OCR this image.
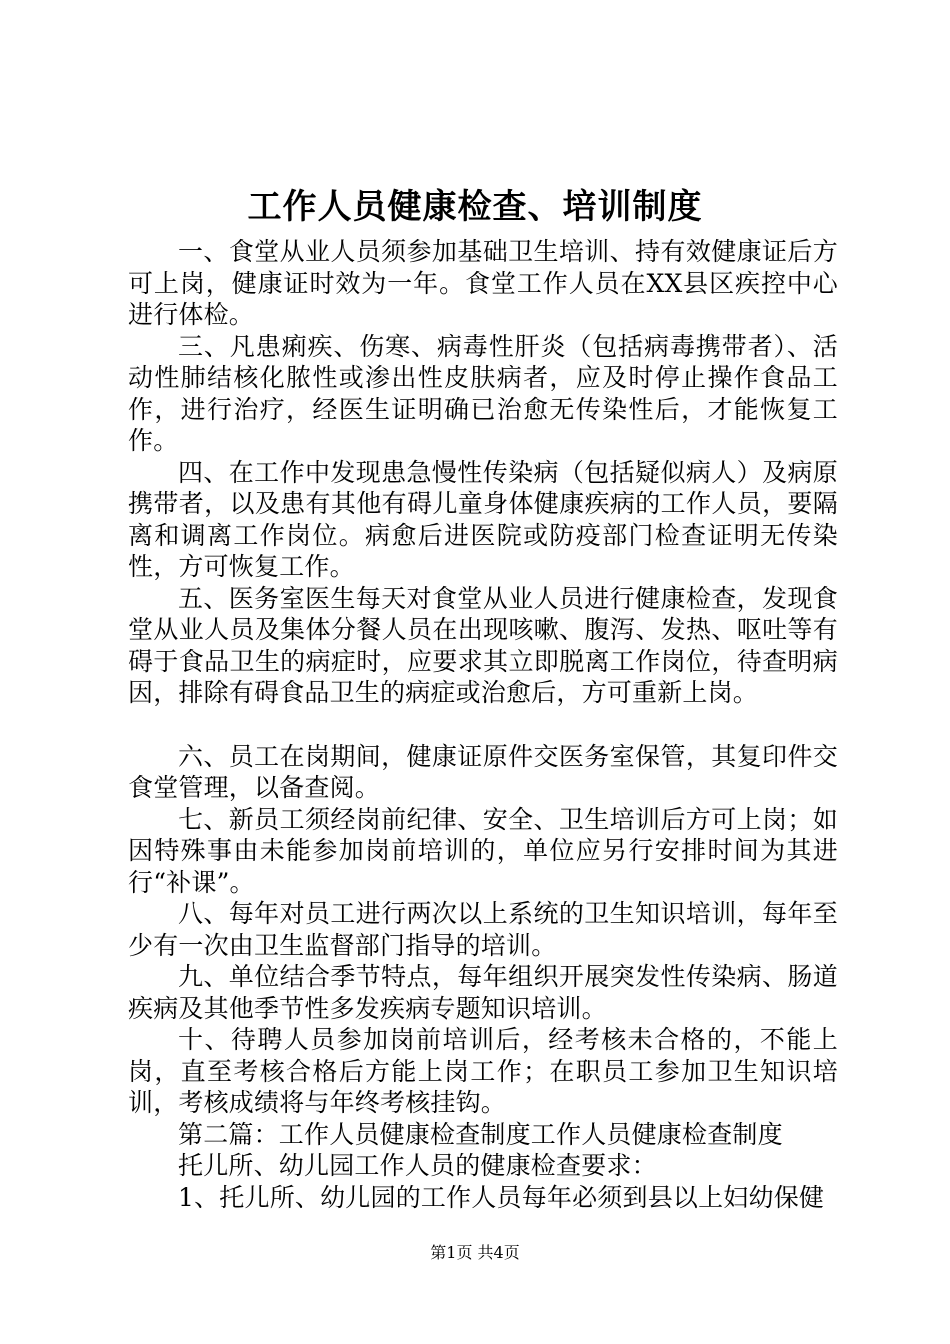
工作人员健康检查、培训制度

一、食堂从业人员须参加基础卫生培训、持有效健康证后方可上岗，健康证时效为一年。食堂工作人员在XX县区疾控中心进行体检。

三、凡患痢疾、伤寒、病毒性肝炎（包括病毒携带者）、活动性肺结核化脓性或渗出性皮肤病者，应及时停止操作食品工作，进行治疗，经医生证明确已治愈无传染性后，才能恢复工作。

四、在工作中发现患急慢性传染病（包括疑似病人）及病原携带者，以及患有其他有碍儿童身体健康疾病的工作人员，要隔离和调离工作岗位。病愈后进医院或防疫部门检查证明无传染性，方可恢复工作。

五、医务室医生每天对食堂从业人员进行健康检查，发现食堂从业人员及集体分餐人员在出现咳嗽、腹泻、发热、呕吐等有碍于食品卫生的病症时，应要求其立即脱离工作岗位，待查明病因，排除有碍食品卫生的病症或治愈后，方可重新上岗。

六、员工在岗期间，健康证原件交医务室保管，其复印件交食堂管理，以备查阅。

七、新员工须经岗前纪律、安全、卫生培训后方可上岗；如因特殊事由未能参加岗前培训的，单位应另行安排时间为其进行“补课”。

八、每年对员工进行两次以上系统的卫生知识培训，每年至少有一次由卫生监督部门指导的培训。

九、单位结合季节特点，每年组织开展突发性传染病、肠道疾病及其他季节性多发疾病专题知识培训。

十、待聘人员参加岗前培训后，经考核未合格的，不能上岗，直至考核合格后方能上岗工作；在职员工参加卫生知识培训，考核成绩将与年终考核挂钩。

第二篇：工作人员健康检查制度工作人员健康检查制度

托儿所、幼儿园工作人员的健康检查要求：

1、托儿所、幼儿园的工作人员每年必须到县以上妇幼保健

第1页 共4页
